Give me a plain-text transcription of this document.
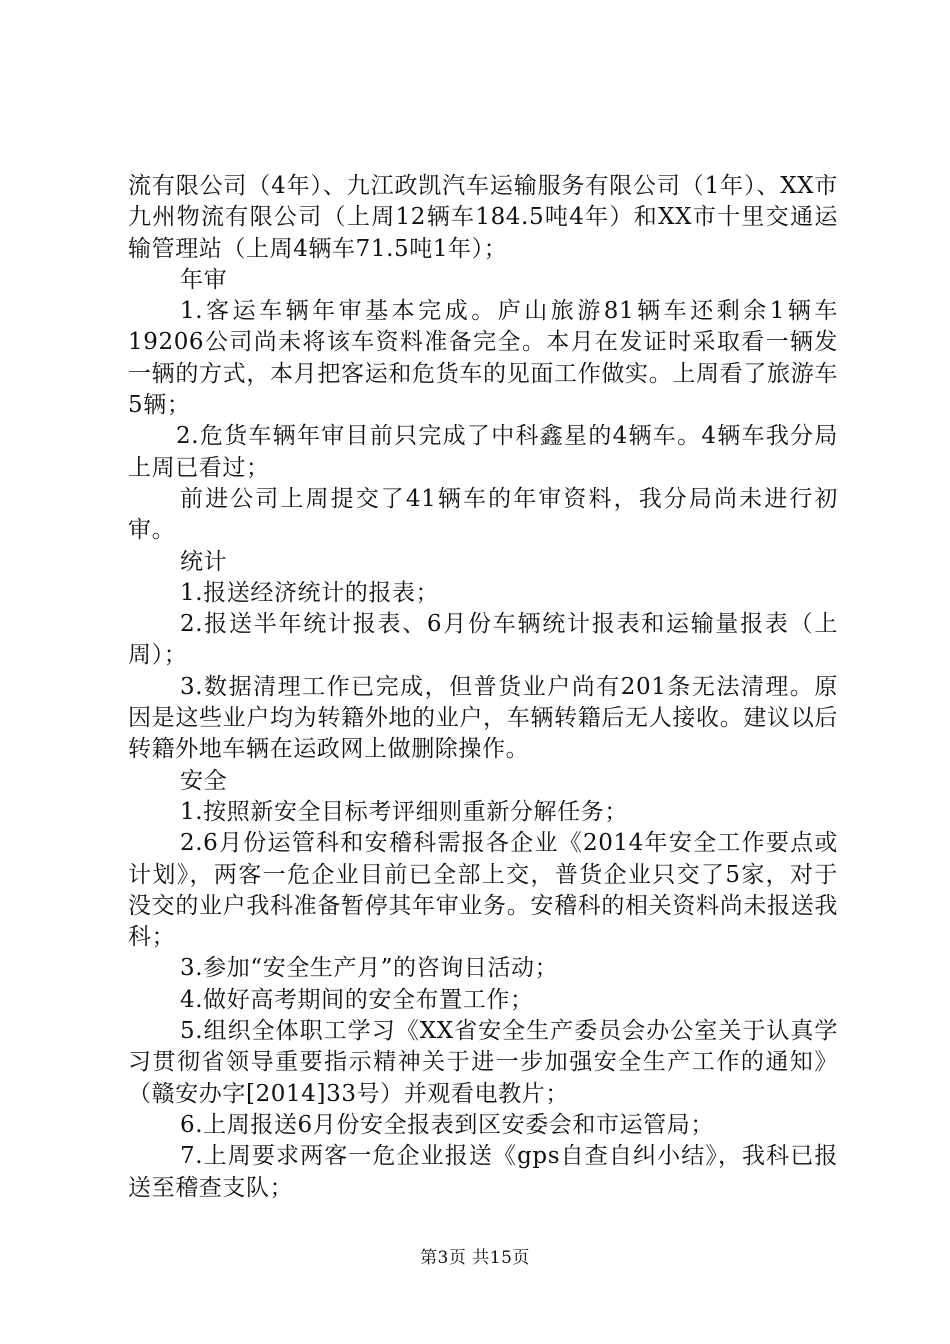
流有限公司（4年）、九江政凯汽车运输服务有限公司（1年）、XX市九州物流有限公司（上周12辆车184.5吨4年）和XX市十里交通运输管理站（上周4辆车71.5吨1年）；

年审

1.客运车辆年审基本完成。庐山旅游81辆车还剩余1辆车19206公司尚未将该车资料准备完全。本月在发证时采取看一辆发一辆的方式，本月把客运和危货车的见面工作做实。上周看了旅游车5辆；

2.危货车辆年审目前只完成了中科鑫星的4辆车。4辆车我分局上周已看过；

前进公司上周提交了41辆车的年审资料，我分局尚未进行初审。

统计

1.报送经济统计的报表；

2.报送半年统计报表、6月份车辆统计报表和运输量报表（上周）；

3.数据清理工作已完成，但普货业户尚有201条无法清理。原因是这些业户均为转籍外地的业户，车辆转籍后无人接收。建议以后转籍外地车辆在运政网上做删除操作。

安全

1.按照新安全目标考评细则重新分解任务；

2.6月份运管科和安稽科需报各企业《2014年安全工作要点或计划》，两客一危企业目前已全部上交，普货企业只交了5家，对于没交的业户我科准备暂停其年审业务。安稽科的相关资料尚未报送我科；

3.参加“安全生产月”的咨询日活动；

4.做好高考期间的安全布置工作；

5.组织全体职工学习《XX省安全生产委员会办公室关于认真学习贯彻省领导重要指示精神关于进一步加强安全生产工作的通知》（赣安办字[2014]33号）并观看电教片；

6.上周报送6月份安全报表到区安委会和市运管局；

7.上周要求两客一危企业报送《gps自查自纠小结》，我科已报送至稽查支队；

第3页 共15页
